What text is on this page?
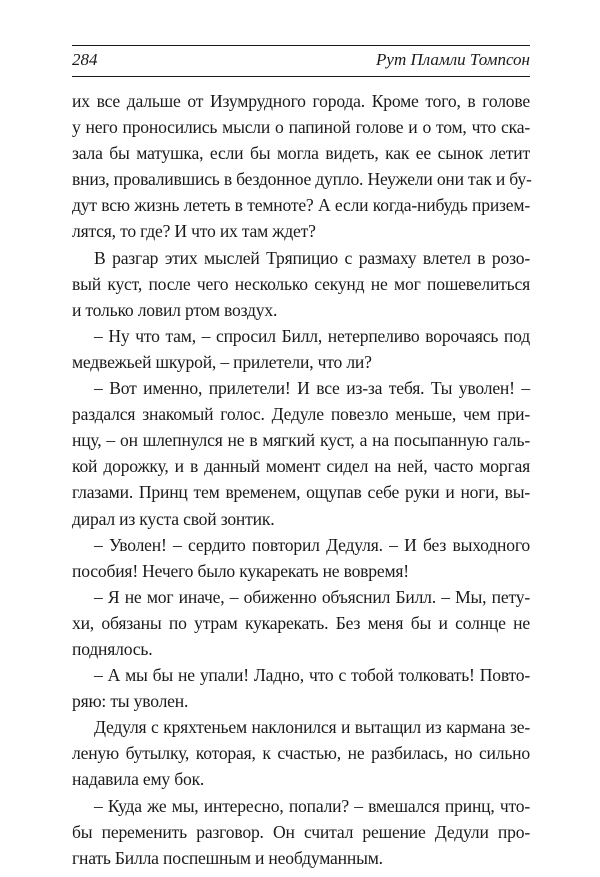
284	Рут Пламли Томпсон
их все дальше от Изумрудного города. Кроме того, в голове
у него проносились мысли о папиной голове и о том, что ска-
зала бы матушка, если бы могла видеть, как ее сынок летит
вниз, провалившись в бездонное дупло. Неужели они так и бу-
дут всю жизнь лететь в темноте? А если когда-нибудь призем-
лятся, то где? И что их там ждет?
В разгар этих мыслей Тряпицио с размаху влетел в розо-
вый куст, после чего несколько секунд не мог пошевелиться
и только ловил ртом воздух.
– Ну что там, – спросил Билл, нетерпеливо ворочаясь под
медвежьей шкурой, – прилетели, что ли?
– Вот именно, прилетели! И все из-за тебя. Ты уволен! –
раздался знакомый голос. Дедуле повезло меньше, чем при-
нцу, – он шлепнулся не в мягкий куст, а на посыпанную галь-
кой дорожку, и в данный момент сидел на ней, часто моргая
глазами. Принц тем временем, ощупав себе руки и ноги, вы-
дирал из куста свой зонтик.
– Уволен! – сердито повторил Дедуля. – И без выходного
пособия! Нечего было кукарекать не вовремя!
– Я не мог иначе, – обиженно объяснил Билл. – Мы, пету-
хи, обязаны по утрам кукарекать. Без меня бы и солнце не
поднялось.
– А мы бы не упали! Ладно, что с тобой толковать! Повто-
ряю: ты уволен.
Дедуля с кряхтеньем наклонился и вытащил из кармана зе-
леную бутылку, которая, к счастью, не разбилась, но сильно
надавила ему бок.
– Куда же мы, интересно, попали? – вмешался принц, что-
бы переменить разговор. Он считал решение Дедули про-
гнать Билла поспешным и необдуманным.
